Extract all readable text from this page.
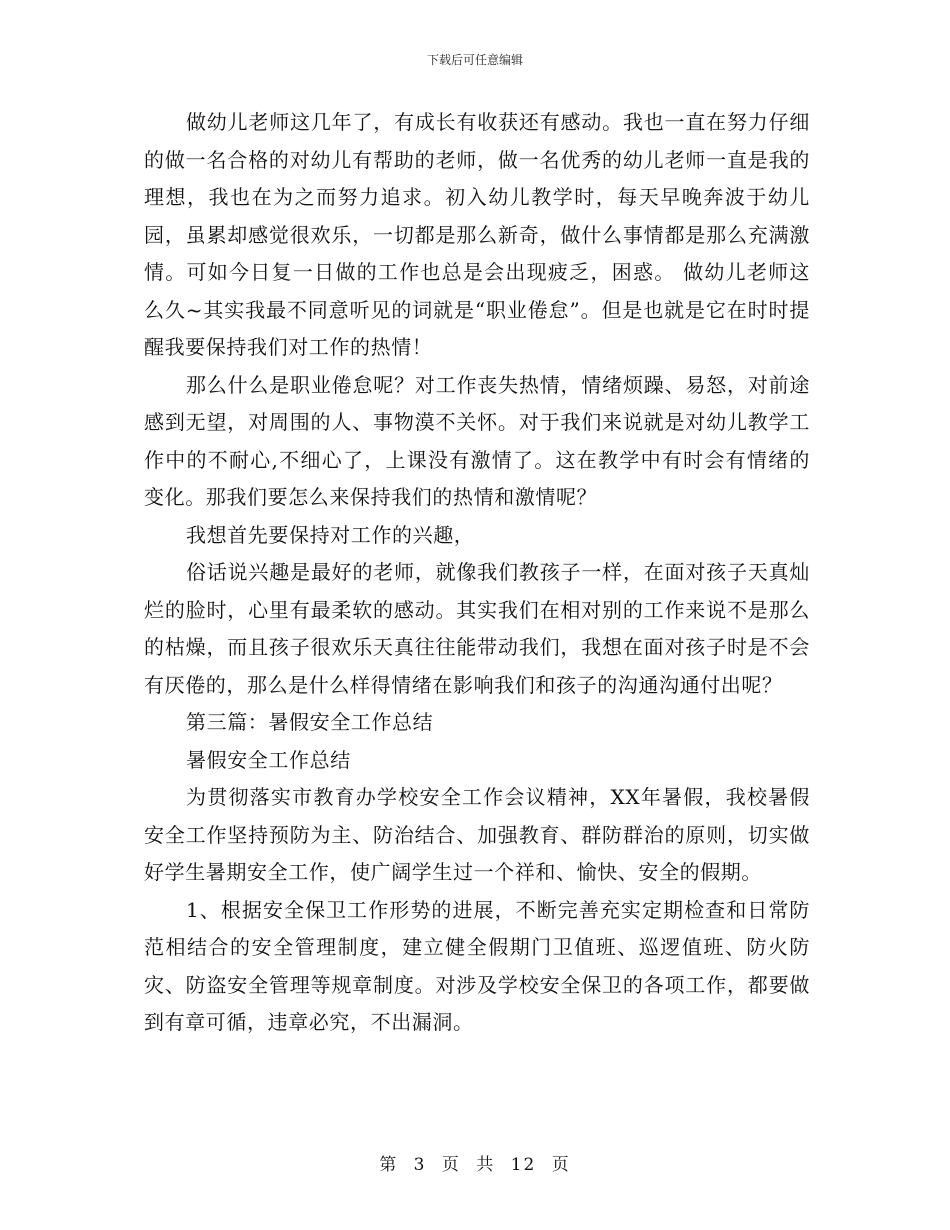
下载后可任意编辑

做幼儿老师这几年了，有成长有收获还有感动。我也一直在努力仔细的做一名合格的对幼儿有帮助的老师，做一名优秀的幼儿老师一直是我的理想，我也在为之而努力追求。初入幼儿教学时，每天早晚奔波于幼儿园，虽累却感觉很欢乐，一切都是那么新奇，做什么事情都是那么充满激情。可如今日复一日做的工作也总是会出现疲乏，困惑。 做幼儿老师这么久~其实我最不同意听见的词就是“职业倦怠”。但是也就是它在时时提醒我要保持我们对工作的热情！

那么什么是职业倦怠呢？对工作丧失热情，情绪烦躁、易怒，对前途感到无望，对周围的人、事物漠不关怀。对于我们来说就是对幼儿教学工作中的不耐心,不细心了，上课没有激情了。这在教学中有时会有情绪的变化。那我们要怎么来保持我们的热情和激情呢？

我想首先要保持对工作的兴趣，

俗话说兴趣是最好的老师，就像我们教孩子一样，在面对孩子天真灿烂的脸时，心里有最柔软的感动。其实我们在相对别的工作来说不是那么的枯燥，而且孩子很欢乐天真往往能带动我们，我想在面对孩子时是不会有厌倦的，那么是什么样得情绪在影响我们和孩子的沟通沟通付出呢？

第三篇：暑假安全工作总结

暑假安全工作总结

为贯彻落实市教育办学校安全工作会议精神，XX年暑假，我校暑假安全工作坚持预防为主、防治结合、加强教育、群防群治的原则，切实做好学生暑期安全工作，使广阔学生过一个祥和、愉快、安全的假期。

1、根据安全保卫工作形势的进展，不断完善充实定期检查和日常防范相结合的安全管理制度，建立健全假期门卫值班、巡逻值班、防火防灾、防盗安全管理等规章制度。对涉及学校安全保卫的各项工作，都要做到有章可循，违章必究，不出漏洞。

第 3 页 共 12 页
